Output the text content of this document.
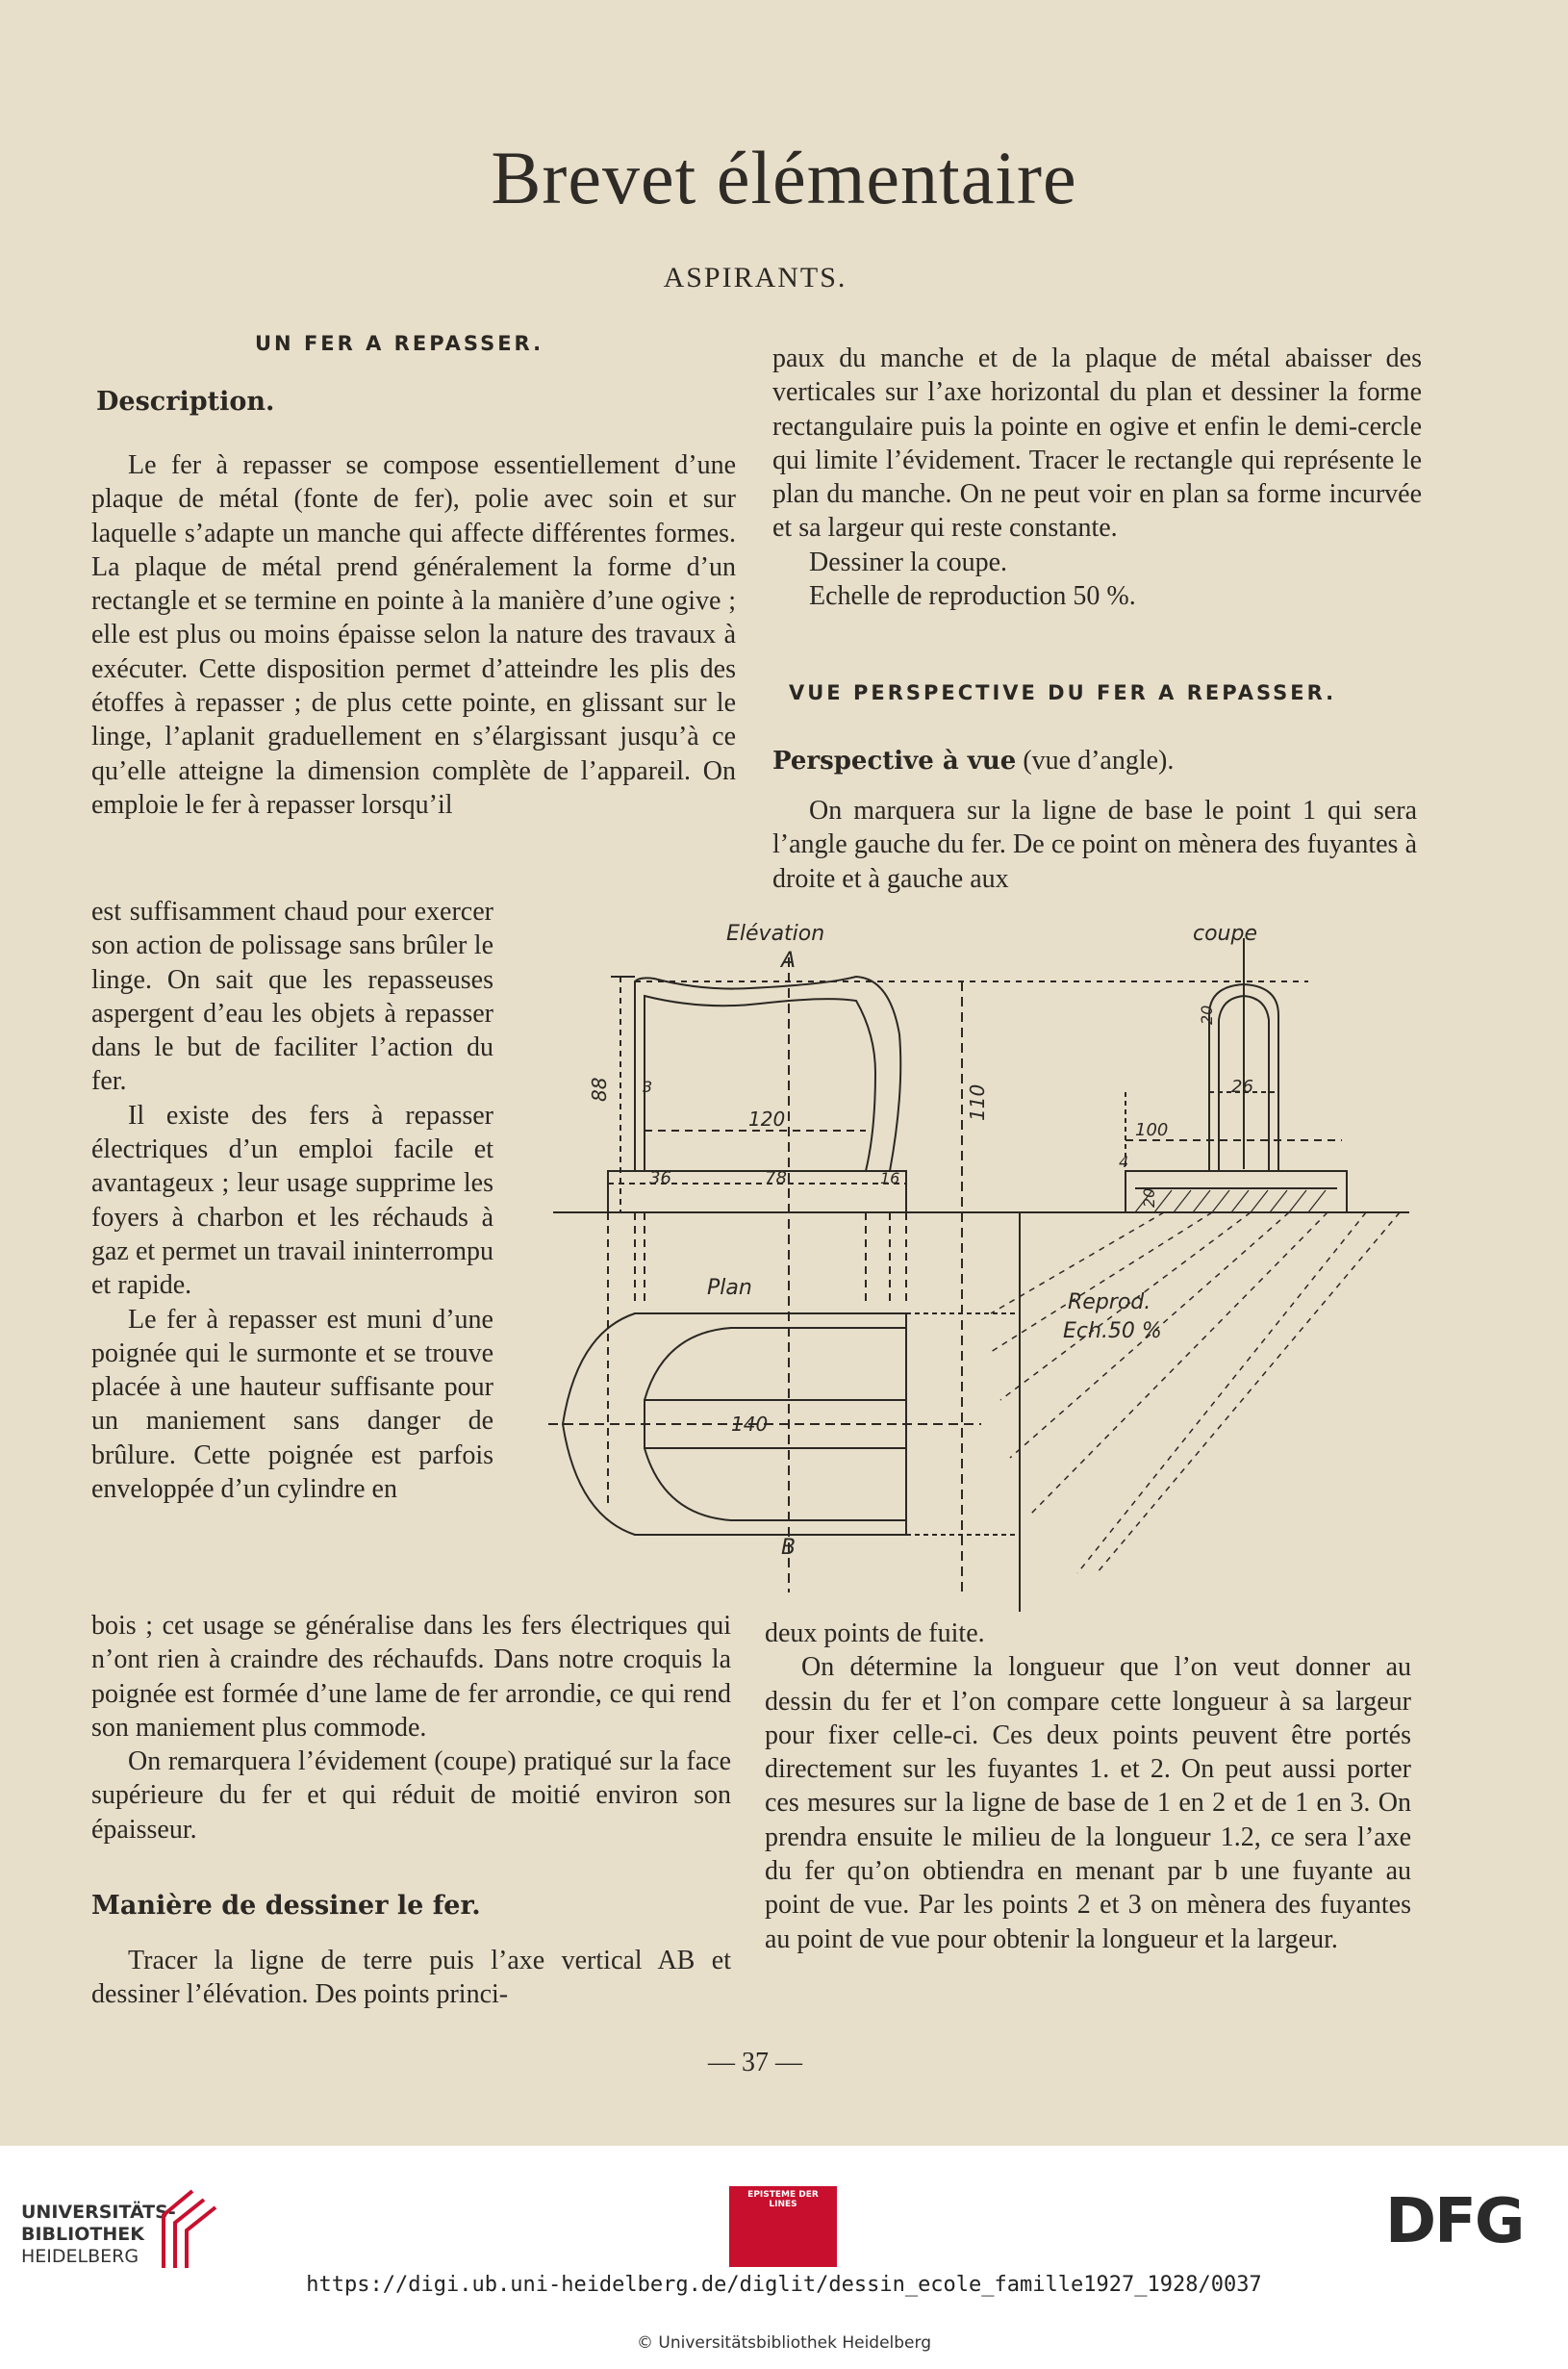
Brevet élémentaire
ASPIRANTS.
UN FER A REPASSER.
Description.

Le fer à repasser se compose essentiellement d’une plaque de métal (fonte de fer), polie avec soin et sur laquelle s’adapte un manche qui affecte différentes formes. La plaque de métal prend généralement la forme d’un rectangle et se termine en pointe à la manière d’une ogive ; elle est plus ou moins épaisse selon la nature des travaux à exécuter. Cette disposition permet d’atteindre les plis des étoffes à repasser ; de plus cette pointe, en glissant sur le linge, l’aplanit graduellement en s’élargissant jusqu’à ce qu’elle atteigne la dimension complète de l’appareil. On emploie le fer à repasser lorsqu’il

est suffisamment chaud pour exercer son action de polissage sans brûler le linge. On sait que les repasseuses aspergent d’eau les objets à repasser dans le but de faciliter l’action du fer.

Il existe des fers à repasser électriques d’un emploi facile et avantageux ; leur usage supprime les foyers à charbon et les réchauds à gaz et permet un travail ininterrompu et rapide.

Le fer à repasser est muni d’une poignée qui le surmonte et se trouve placée à une hauteur suffisante pour un maniement sans danger de brûlure. Cette poignée est parfois enveloppée d’un cylindre en

bois ; cet usage se généralise dans les fers électriques qui n’ont rien à craindre des réchaufds. Dans notre croquis la poignée est formée d’une lame de fer arrondie, ce qui rend son maniement plus commode.

On remarquera l’évidement (coupe) pratiqué sur la face supérieure du fer et qui réduit de moitié environ son épaisseur.

Manière de dessiner le fer.

Tracer la ligne de terre puis l’axe vertical AB et dessiner l’élévation. Des points princi-

paux du manche et de la plaque de métal abaisser des verticales sur l’axe horizontal du plan et dessiner la forme rectangulaire puis la pointe en ogive et enfin le demi-cercle qui limite l’évidement. Tracer le rectangle qui représente le plan du manche. On ne peut voir en plan sa forme incurvée et sa largeur qui reste constante.

Dessiner la coupe.

Echelle de reproduction 50 %.

VUE PERSPECTIVE DU FER A REPASSER.
Perspective à vue (vue d’angle).

On marquera sur la ligne de base le point 1 qui sera l’angle gauche du fer. De ce point on mènera des fuyantes à droite et à gauche aux

deux points de fuite.

On détermine la longueur que l’on veut donner au dessin du fer et l’on compare cette longueur à sa largeur pour fixer celle-ci. Ces deux points peuvent être portés directement sur les fuyantes 1. et 2. On peut aussi porter ces mesures sur la ligne de base de 1 en 2 et de 1 en 3. On prendra ensuite le milieu de la longueur 1.2, ce sera l’axe du fer qu’on obtiendra en menant par b une fuyante au point de vue. Par les points 2 et 3 on mènera des fuyantes au point de vue pour obtenir la longueur et la largeur.

Elévation	coupe
A
Plan
B
Reprod.
Ech.50 %
120	100
26
140
36	78	16
3
4
88	110
20
20
— 37 —
UNIVERSITÄTS-
BIBLIOTHEK
HEIDELBERG
EPISTEME DER LINES	DFG
https://digi.ub.uni-heidelberg.de/diglit/dessin_ecole_famille1927_1928/0037
© Universitätsbibliothek Heidelberg
